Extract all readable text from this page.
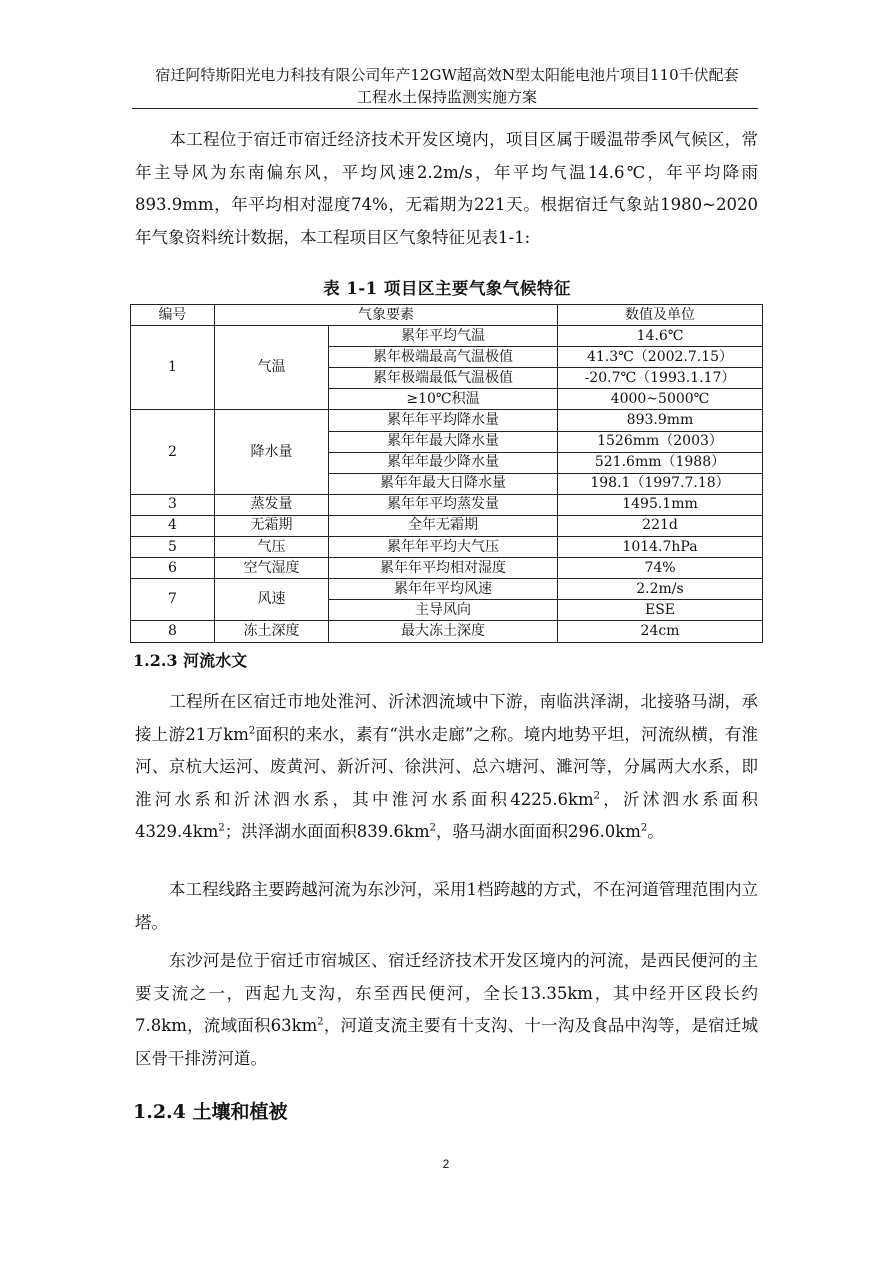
宿迁阿特斯阳光电力科技有限公司年产12GW超高效N型太阳能电池片项目110千伏配套
工程水土保持监测实施方案

本工程位于宿迁市宿迁经济技术开发区境内，项目区属于暖温带季风气候区，常年主导风为东南偏东风，平均风速2.2m/s，年平均气温14.6℃，年平均降雨893.9mm，年平均相对湿度74%，无霜期为221天。根据宿迁气象站1980~2020年气象资料统计数据，本工程项目区气象特征见表1-1:

表 1-1 项目区主要气象气候特征
编号	气象要素		数值及单位
1	气温	累年平均气温	14.6℃
		累年极端最高气温极值	41.3℃（2002.7.15）
		累年极端最低气温极值	-20.7℃（1993.1.17）
		≥10℃积温	4000~5000℃
2	降水量	累年年平均降水量	893.9mm
		累年年最大降水量	1526mm（2003）
		累年年最少降水量	521.6mm（1988）
		累年年最大日降水量	198.1（1997.7.18）
3	蒸发量	累年年平均蒸发量	1495.1mm
4	无霜期	全年无霜期	221d
5	气压	累年年平均大气压	1014.7hPa
6	空气湿度	累年年平均相对湿度	74%
7	风速	累年年平均风速	2.2m/s
		主导风向	ESE
8	冻土深度	最大冻土深度	24cm
1.2.3 河流水文

工程所在区宿迁市地处淮河、沂沭泗流域中下游，南临洪泽湖，北接骆马湖，承接上游21万$km^2$面积的来水，素有“洪水走廊”之称。境内地势平坦，河流纵横，有淮河、京杭大运河、废黄河、新沂河、徐洪河、总六塘河、濉河等，分属两大水系，即淮河水系和沂沭泗水系，其中淮河水系面积$4225.6km^2$，沂沭泗水系面积$4329.4km^2$；洪泽湖水面面积$839.6km^2$，骆马湖水面面积$296.0km^2$。

本工程线路主要跨越河流为东沙河，采用1档跨越的方式，不在河道管理范围内立塔。

东沙河是位于宿迁市宿城区、宿迁经济技术开发区境内的河流，是西民便河的主要支流之一，西起九支沟，东至西民便河，全长13.35km，其中经开区段长约7.8km，流域面积$63km^2$，河道支流主要有十支沟、十一沟及食品中沟等，是宿迁城区骨干排涝河道。

1.2.4 土壤和植被
2
